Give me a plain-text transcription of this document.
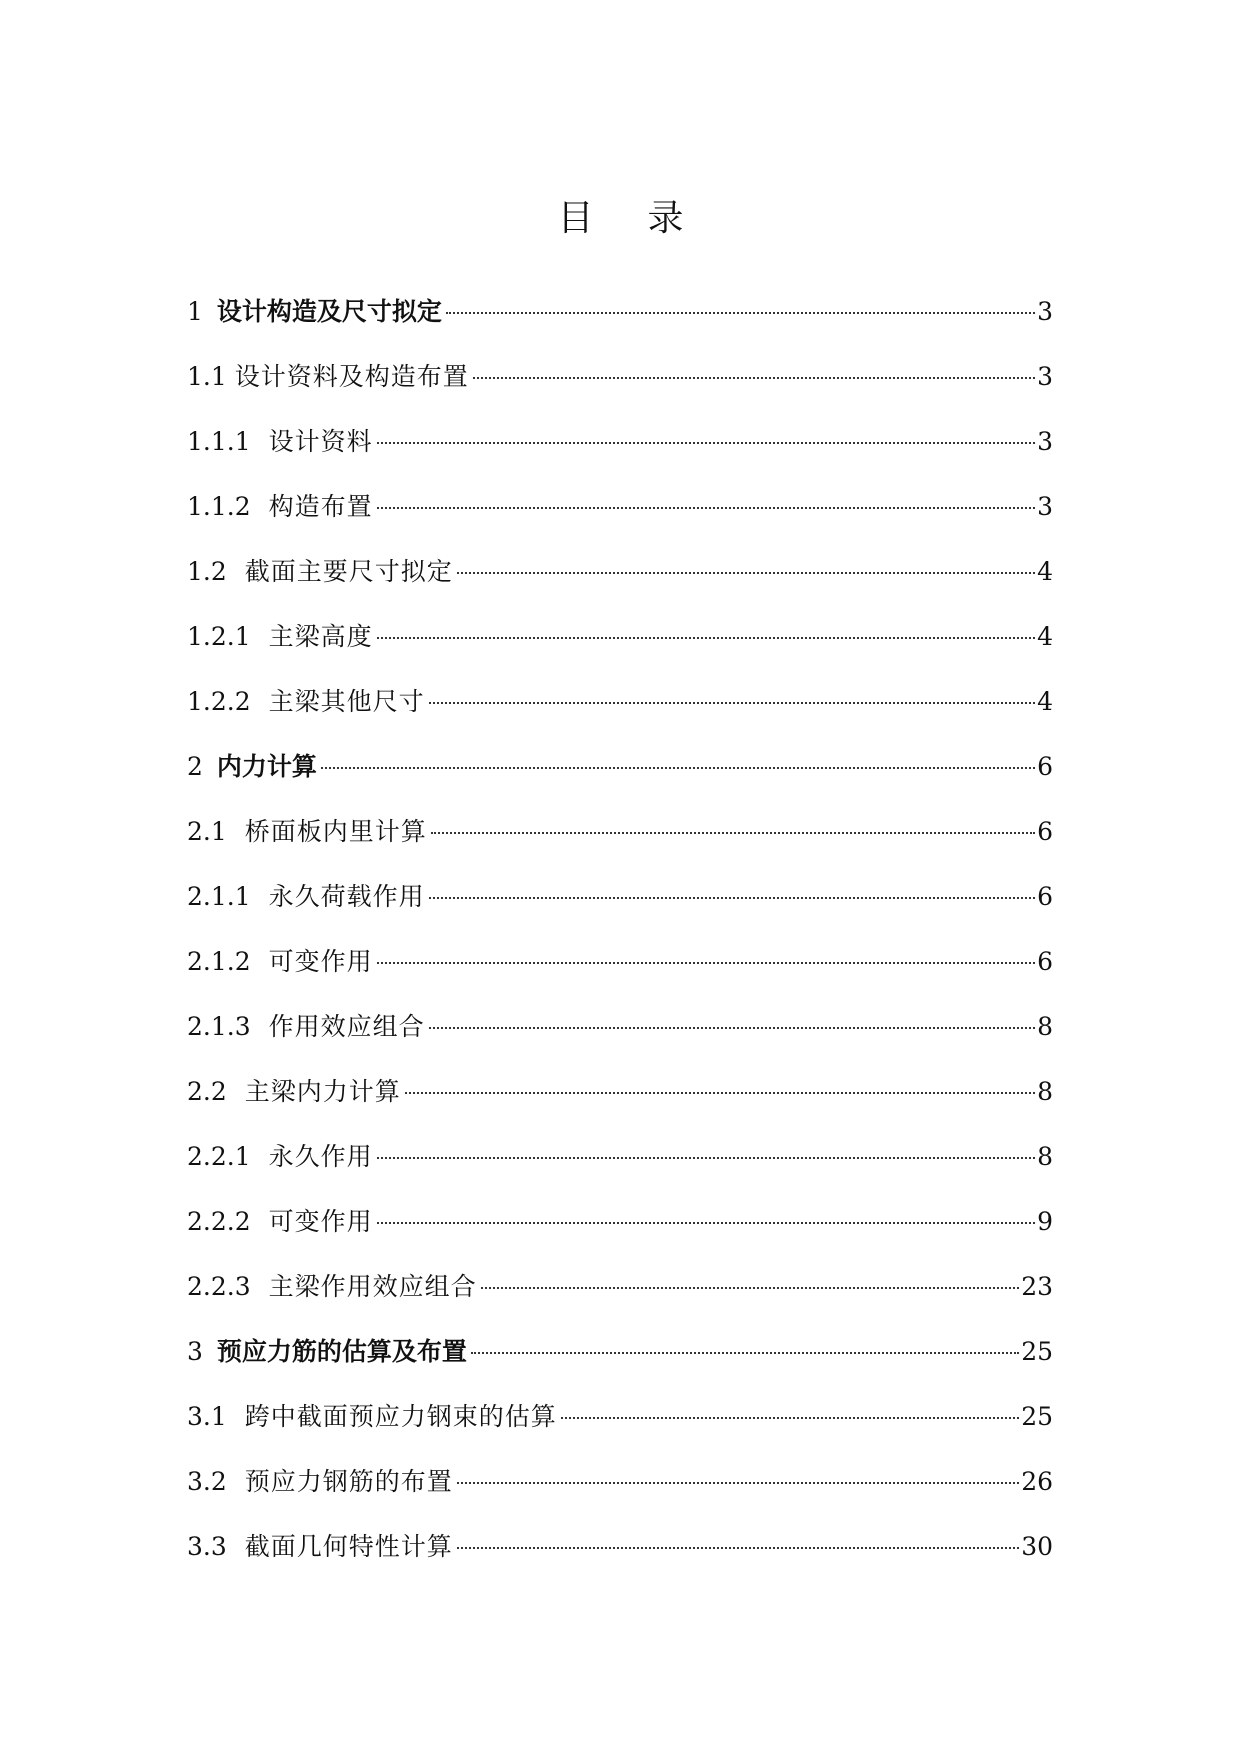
目 录
1 设计构造及尺寸拟定	3
1.1 设计资料及构造布置	3
1.1.1 设计资料	3
1.1.2 构造布置	3
1.2 截面主要尺寸拟定	4
1.2.1 主梁高度	4
1.2.2 主梁其他尺寸	4
2 内力计算	6
2.1 桥面板内里计算	6
2.1.1 永久荷载作用	6
2.1.2 可变作用	6
2.1.3 作用效应组合	8
2.2 主梁内力计算	8
2.2.1 永久作用	8
2.2.2 可变作用	9
2.2.3 主梁作用效应组合	23
3 预应力筋的估算及布置	25
3.1 跨中截面预应力钢束的估算	25
3.2 预应力钢筋的布置	26
3.3 截面几何特性计算	30
